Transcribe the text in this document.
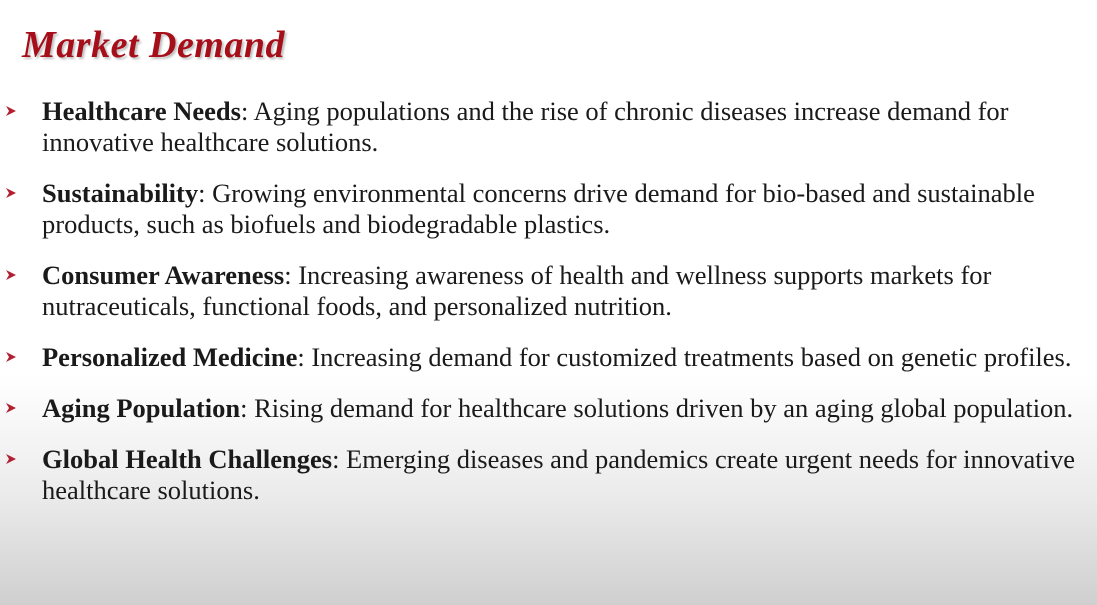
Market Demand
Healthcare Needs: Aging populations and the rise of chronic diseases increase demand for innovative healthcare solutions.
Sustainability: Growing environmental concerns drive demand for bio-based and sustainable products, such as biofuels and biodegradable plastics.
Consumer Awareness: Increasing awareness of health and wellness supports markets for nutraceuticals, functional foods, and personalized nutrition.
Personalized Medicine: Increasing demand for customized treatments based on genetic profiles.
Aging Population: Rising demand for healthcare solutions driven by an aging global population.
Global Health Challenges: Emerging diseases and pandemics create urgent needs for innovative healthcare solutions.
